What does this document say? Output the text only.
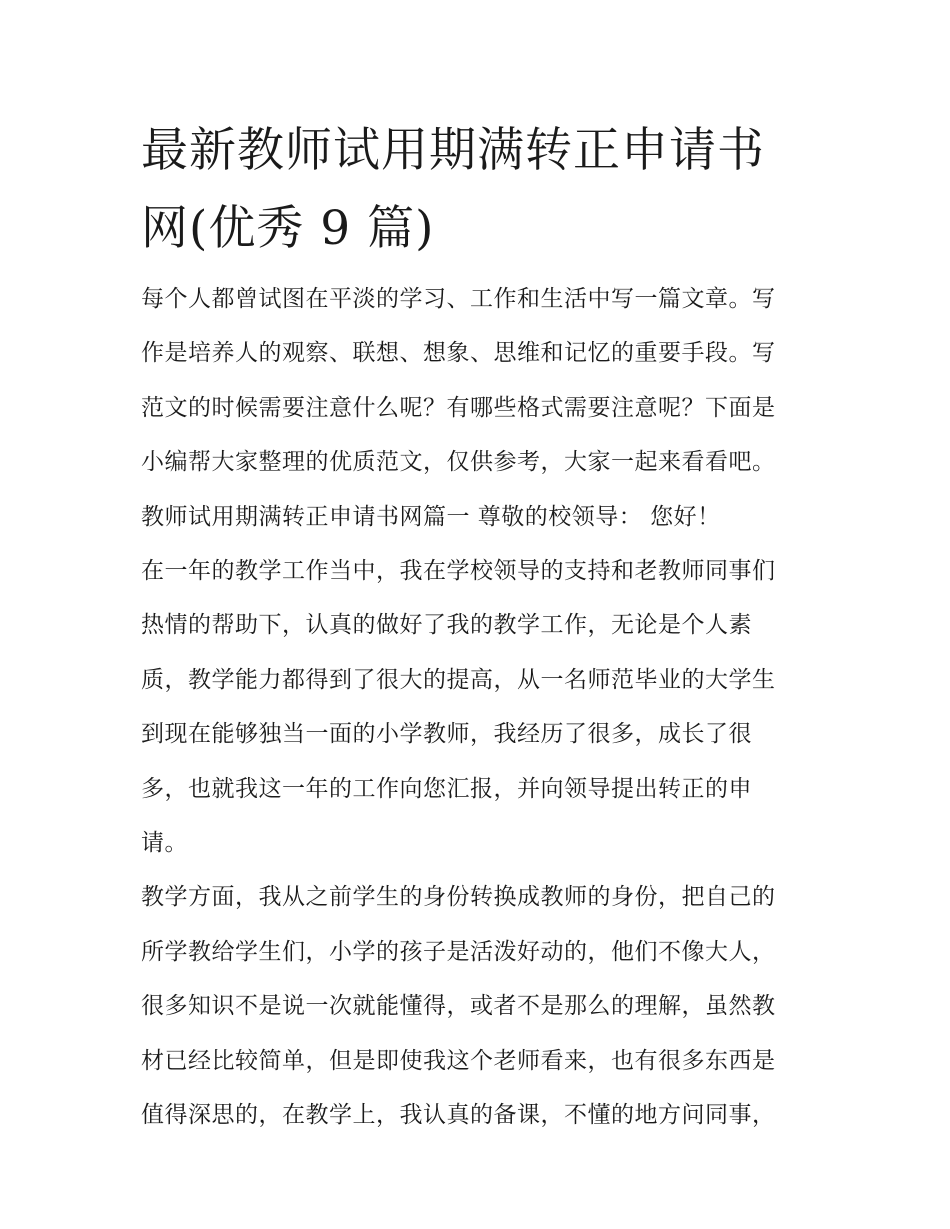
最新教师试用期满转正申请书
网(优秀 9 篇)
每个人都曾试图在平淡的学习、工作和生活中写一篇文章。写
作是培养人的观察、联想、想象、思维和记忆的重要手段。写
范文的时候需要注意什么呢？有哪些格式需要注意呢？下面是
小编帮大家整理的优质范文，仅供参考，大家一起来看看吧。
教师试用期满转正申请书网篇一 尊敬的校领导： 您好！
在一年的教学工作当中，我在学校领导的支持和老教师同事们
热情的帮助下，认真的做好了我的教学工作，无论是个人素
质，教学能力都得到了很大的提高，从一名师范毕业的大学生
到现在能够独当一面的小学教师，我经历了很多，成长了很
多，也就我这一年的工作向您汇报，并向领导提出转正的申
请。
教学方面，我从之前学生的身份转换成教师的身份，把自己的
所学教给学生们，小学的孩子是活泼好动的，他们不像大人，
很多知识不是说一次就能懂得，或者不是那么的理解，虽然教
材已经比较简单，但是即使我这个老师看来，也有很多东西是
值得深思的，在教学上，我认真的备课，不懂的地方问同事，
